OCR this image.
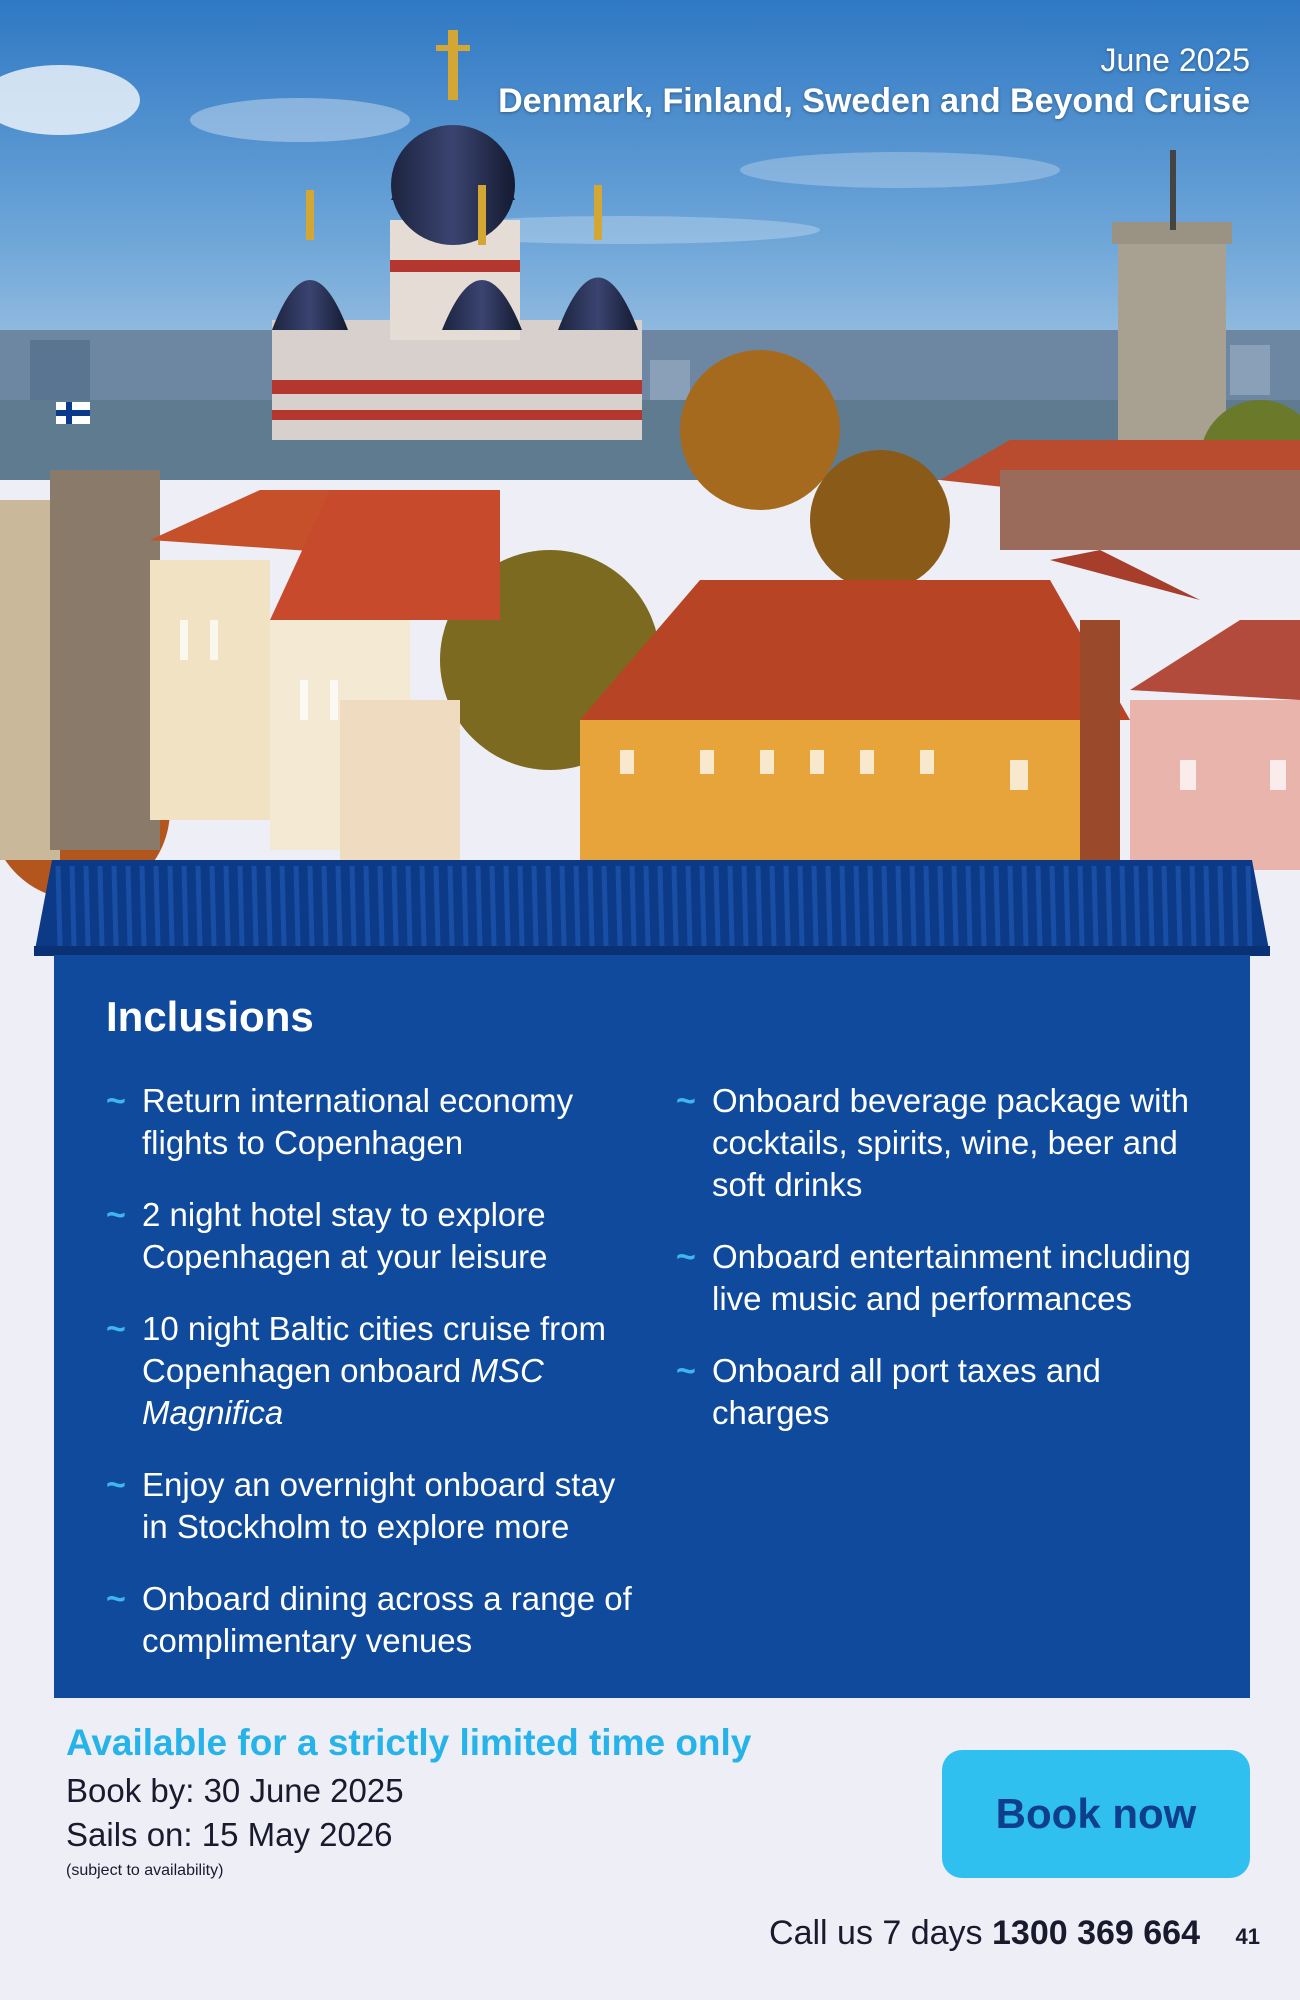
June 2025
Denmark, Finland, Sweden and Beyond Cruise
Inclusions
~ Return international economy flights to Copenhagen
~ 2 night hotel stay to explore Copenhagen at your leisure
~ 10 night Baltic cities cruise from Copenhagen onboard MSC Magnifica
~ Enjoy an overnight onboard stay in Stockholm to explore more
~ Onboard dining across a range of complimentary venues
~ Onboard beverage package with cocktails, spirits, wine, beer and soft drinks
~ Onboard entertainment including live music and performances
~ Onboard all port taxes and charges
Available for a strictly limited time only
Book by: 30 June 2025
Sails on: 15 May 2026
(subject to availability)
Book now
Call us 7 days 1300 369 664 41
